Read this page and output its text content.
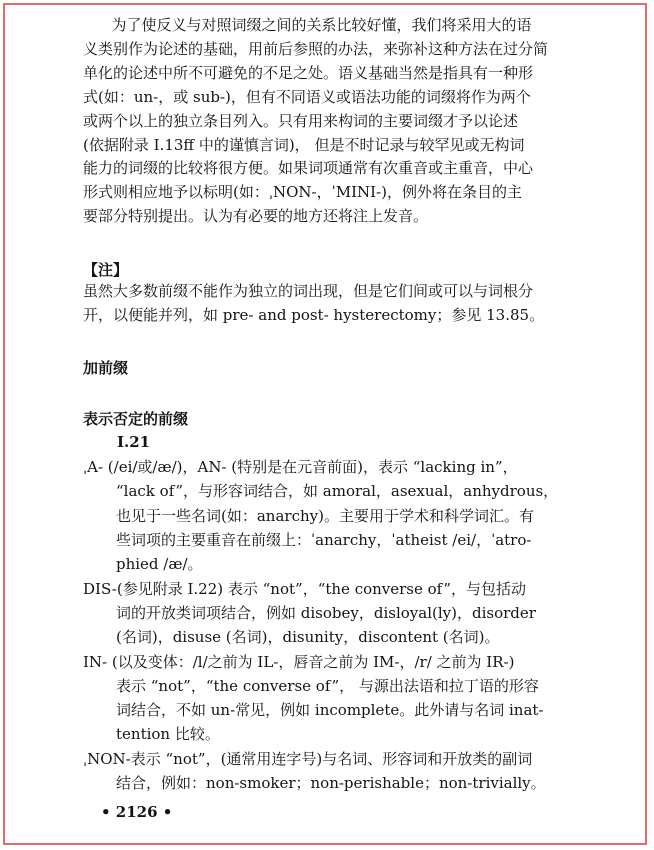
为了使反义与对照词缀之间的关系比较好懂，我们将采用大的语
义类别作为论述的基础，用前后参照的办法，来弥补这种方法在过分简
单化的论述中所不可避免的不足之处。语义基础当然是指具有一种形
式(如：un-，或 sub-)，但有不同语义或语法功能的词缀将作为两个
或两个以上的独立条目列入。只有用来构词的主要词缀才予以论述
(依据附录 Ⅰ.13ff 中的谨慎言词)， 但是不时记录与较罕见或无构词
能力的词缀的比较将很方便。如果词项通常有次重音或主重音，中心
形式则相应地予以标明(如：ˌNON-，ˈMINI-)，例外将在条目的主
要部分特别提出。认为有必要的地方还将注上发音。

【注】

虽然大多数前缀不能作为独立的词出现，但是它们间或可以与词根分
开，以便能并列，如 pre- and post- hysterectomy；参见 13.85。

加前缀

表示否定的前缀

I.21

ˌA- (/ei/或/æ/)，AN- (特别是在元音前面)，表示 “lacking in”，
“lack of”，与形容词结合，如 amoral，asexual，anhydrous，
也见于一些名词(如：anarchy)。主要用于学术和科学词汇。有
些词项的主要重音在前缀上：ˈanarchy，ˈatheist /ei/，ˈatro-
phied /æ/。
DIS-(参见附录 Ⅰ.22) 表示 “not”，“the converse of”，与包括动
词的开放类词项结合，例如 disobey，disloyal(ly)，disorder
(名词)，disuse (名词)，disunity，discontent (名词)。
IN- (以及变体：/l/之前为 IL-，唇音之前为 IM-，/r/ 之前为 IR-)
表示 “not”，“the converse of”， 与源出法语和拉丁语的形容
词结合，不如 un-常见，例如 incomplete。此外请与名词 inat-
tention 比较。
ˌNON-表示 “not”，(通常用连字号)与名词、形容词和开放类的副词
结合，例如：non-smoker；non-perishable；non-trivially。
• 2126 •
